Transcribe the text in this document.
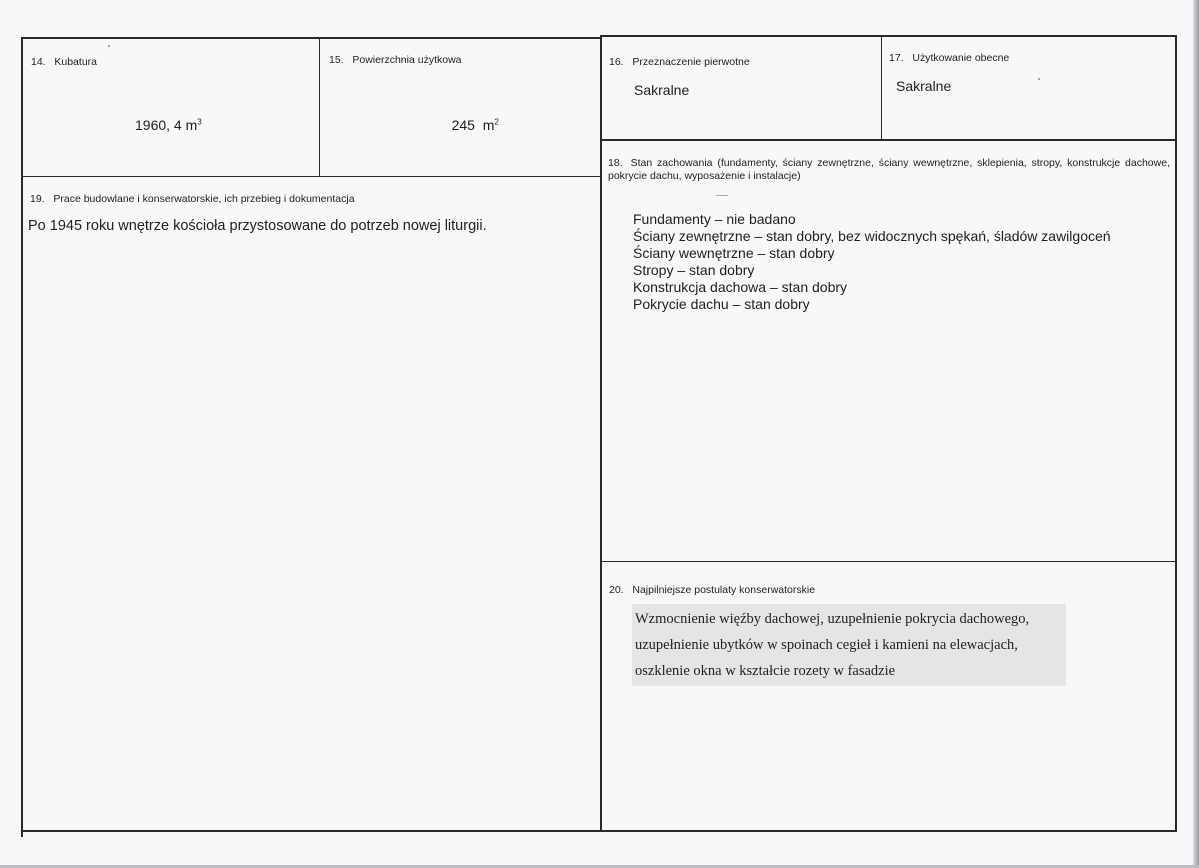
14. Kubatura
1960, 4 $m^3$
15. Powierzchnia użytkowa

245  $m^2$

16. Przeznaczenie pierwotne
Sakralne
17. Użytkowanie obecne
Sakralne
18. Stan zachowania (fundamenty, ściany zewnętrzne, ściany wewnętrzne, sklepienia, stropy, konstrukcje dachowe, pokrycie dachu, wyposażenie i instalacje)
Fundamenty – nie badano
Ściany zewnętrzne – stan dobry, bez widocznych spękań, śladów zawilgoceń
Ściany wewnętrzne – stan dobry
Stropy – stan dobry
Konstrukcja dachowa – stan dobry
Pokrycie dachu – stan dobry
19. Prace budowlane i konserwatorskie, ich przebieg i dokumentacja
Po 1945 roku wnętrze kościoła przystosowane do potrzeb nowej liturgii.
20. Najpilniejsze postulaty konserwatorskie
Wzmocnienie więźby dachowej, uzupełnienie pokrycia dachowego,
uzupełnienie ubytków w spoinach cegieł i kamieni na elewacjach,
oszklenie okna w kształcie rozety w fasadzie
